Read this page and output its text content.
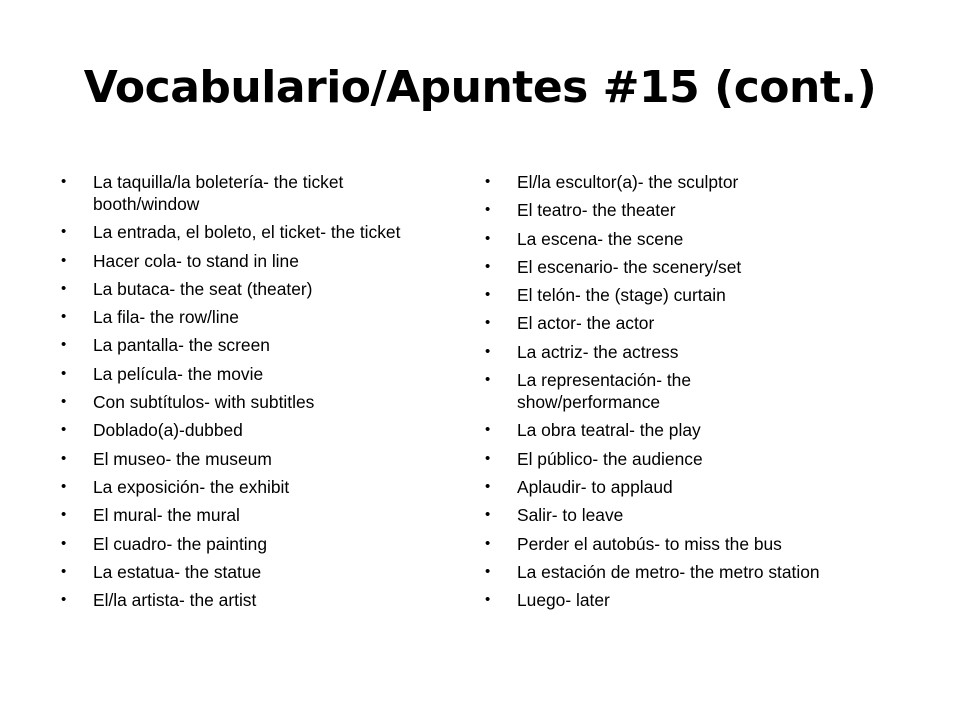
Vocabulario/Apuntes #15 (cont.)
• La taquilla/la boletería- the ticket booth/window
• La entrada, el boleto, el ticket- the ticket
• Hacer cola- to stand in line
• La butaca- the seat (theater)
• La fila- the row/line
• La pantalla- the screen
• La película- the movie
• Con subtítulos- with subtitles
• Doblado(a)-dubbed
• El museo- the museum
• La exposición- the exhibit
• El mural- the mural
• El cuadro- the painting
• La estatua- the statue
• El/la artista- the artist
• El/la escultor(a)- the sculptor
• El teatro- the theater
• La escena- the scene
• El escenario- the scenery/set
• El telón- the (stage) curtain
• El actor- the actor
• La actriz- the actress
• La representación- the show/performance
• La obra teatral- the play
• El público- the audience
• Aplaudir- to applaud
• Salir- to leave
• Perder el autobús- to miss the bus
• La estación de metro- the metro station
• Luego- later
